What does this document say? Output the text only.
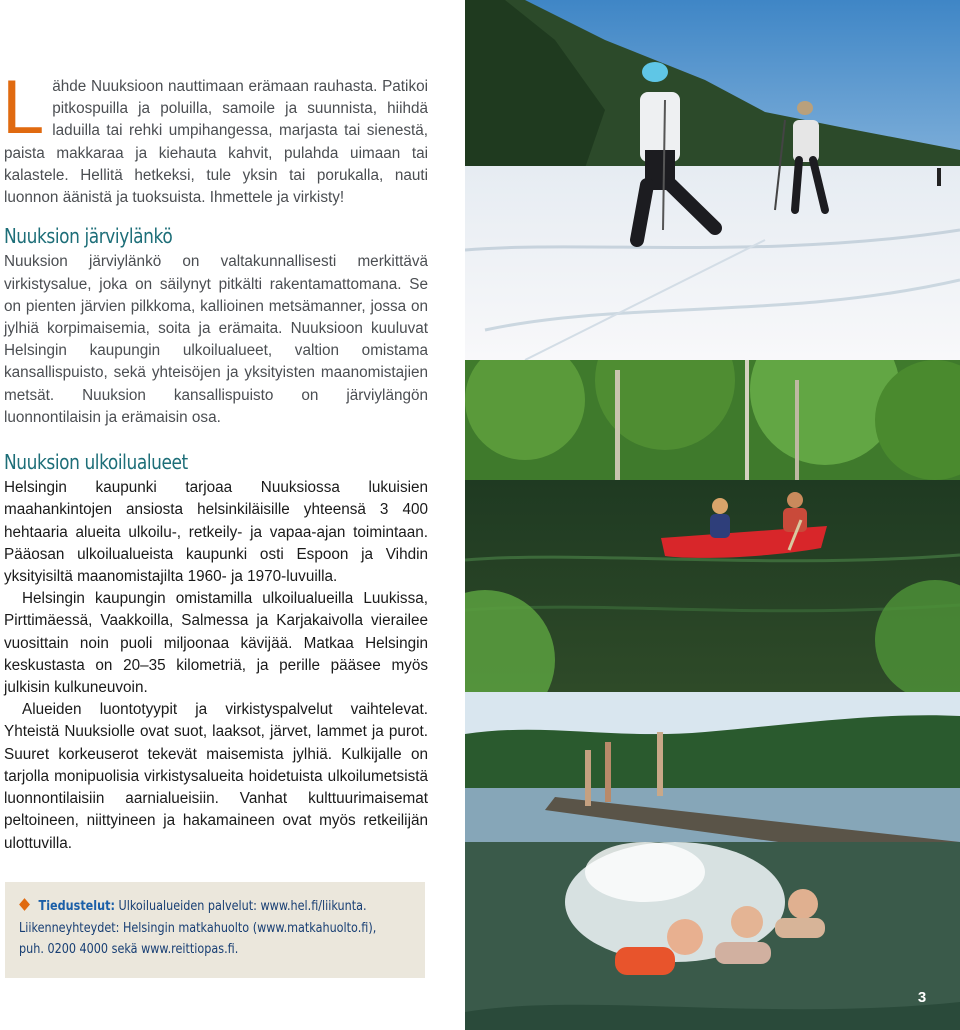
Lähde Nuuksioon nauttimaan erämaan rauhasta. Patikoi pitkospuilla ja poluilla, samoile ja suunnista, hiihdä laduilla tai rehki umpihangessa, marjasta tai sienestä, paista makkaraa ja kiehauta kahvit, pulahda uimaan tai kalastele. Hellitä hetkeksi, tule yksin tai porukalla, nauti luonnon äänistä ja tuoksuista. Ihmettele ja virkisty!

Nuuksion järviylänkö

Nuuksion järviylänkö on valtakunnallisesti merkittävä virkistysalue, joka on säilynyt pitkälti rakentamattomana. Se on pienten järvien pilkkoma, kallioinen metsämanner, jossa on jylhiä korpimaisemia, soita ja erämaita. Nuuksioon kuuluvat Helsingin kaupungin ulkoilualueet, valtion omistama kansallispuisto, sekä yhteisöjen ja yksityisten maanomistajien metsät. Nuuksion kansallispuisto on järviylängön luonnontilaisin ja erämaisin osa.

Nuuksion ulkoilualueet

Helsingin kaupunki tarjoaa Nuuksiossa lukuisien maahankintojen ansiosta helsinkiläisille yhteensä 3 400 hehtaaria alueita ulkoilu-, retkeily- ja vapaa-ajan toimintaan. Pääosan ulkoilualueista kaupunki osti Espoon ja Vihdin yksityisiltä maanomistajilta 1960- ja 1970-luvuilla.

Helsingin kaupungin omistamilla ulkoilualueilla Luukissa, Pirttimäessä, Vaakkoilla, Salmessa ja Karjakaivolla vierailee vuosittain noin puoli miljoonaa kävijää. Matkaa Helsingin keskustasta on 20–35 kilometriä, ja perille pääsee myös julkisin kulkuneuvoin.

Alueiden luontotyypit ja virkistyspalvelut vaihtelevat. Yhteistä Nuuksiolle ovat suot, laaksot, järvet, lammet ja purot. Suuret korkeuserot tekevät maisemista jylhiä. Kulkijalle on tarjolla monipuolisia virkistysalueita hoidetuista ulkoilumetsistä luonnontilaisiin aarnialueisiin. Vanhat kulttuurimaisemat peltoineen, niittyineen ja hakamaineen ovat myös retkeilijän ulottuvilla.

Tiedustelut: Ulkoilualueiden palvelut: www.hel.fi/liikunta.
Liikenneyhteydet: Helsingin matkahuolto (www.matkahuolto.fi),
puh. 0200 4000 sekä www.reittiopas.fi.
3
